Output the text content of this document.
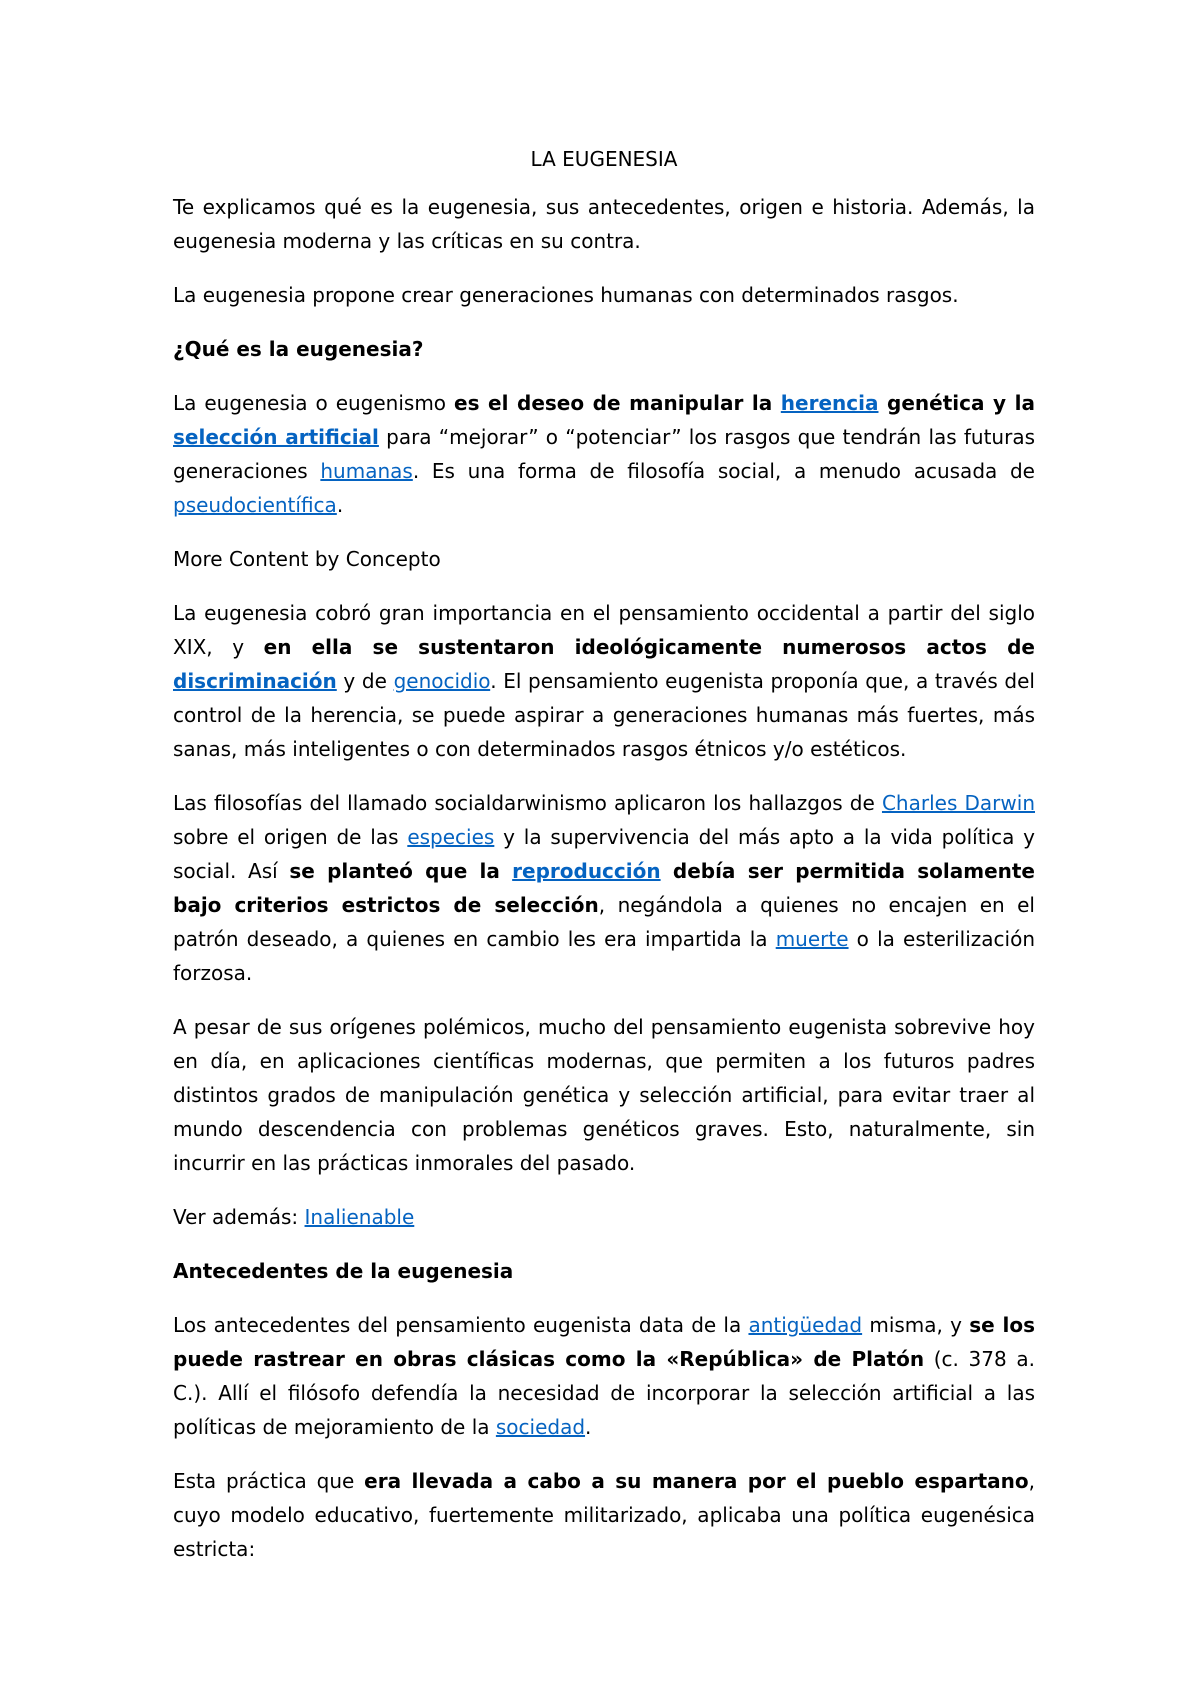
LA EUGENESIA

Te explicamos qué es la eugenesia, sus antecedentes, origen e historia. Además, la eugenesia moderna y las críticas en su contra.

La eugenesia propone crear generaciones humanas con determinados rasgos.

¿Qué es la eugenesia?

La eugenesia o eugenismo es el deseo de manipular la herencia genética y la selección artificial para “mejorar” o “potenciar” los rasgos que tendrán las futuras generaciones humanas. Es una forma de filosofía social, a menudo acusada de pseudocientífica.

More Content by Concepto

La eugenesia cobró gran importancia en el pensamiento occidental a partir del siglo XIX, y en ella se sustentaron ideológicamente numerosos actos de discriminación y de genocidio. El pensamiento eugenista proponía que, a través del control de la herencia, se puede aspirar a generaciones humanas más fuertes, más sanas, más inteligentes o con determinados rasgos étnicos y/o estéticos.

Las filosofías del llamado socialdarwinismo aplicaron los hallazgos de Charles Darwin sobre el origen de las especies y la supervivencia del más apto a la vida política y social. Así se planteó que la reproducción debía ser permitida solamente bajo criterios estrictos de selección, negándola a quienes no encajen en el patrón deseado, a quienes en cambio les era impartida la muerte o la esterilización forzosa.

A pesar de sus orígenes polémicos, mucho del pensamiento eugenista sobrevive hoy en día, en aplicaciones científicas modernas, que permiten a los futuros padres distintos grados de manipulación genética y selección artificial, para evitar traer al mundo descendencia con problemas genéticos graves. Esto, naturalmente, sin incurrir en las prácticas inmorales del pasado.

Ver además: Inalienable

Antecedentes de la eugenesia

Los antecedentes del pensamiento eugenista data de la antigüedad misma, y se los puede rastrear en obras clásicas como la «República» de Platón (c. 378 a. C.). Allí el filósofo defendía la necesidad de incorporar la selección artificial a las políticas de mejoramiento de la sociedad.

Esta práctica que era llevada a cabo a su manera por el pueblo espartano, cuyo modelo educativo, fuertemente militarizado, aplicaba una política eugenésica estricta:
